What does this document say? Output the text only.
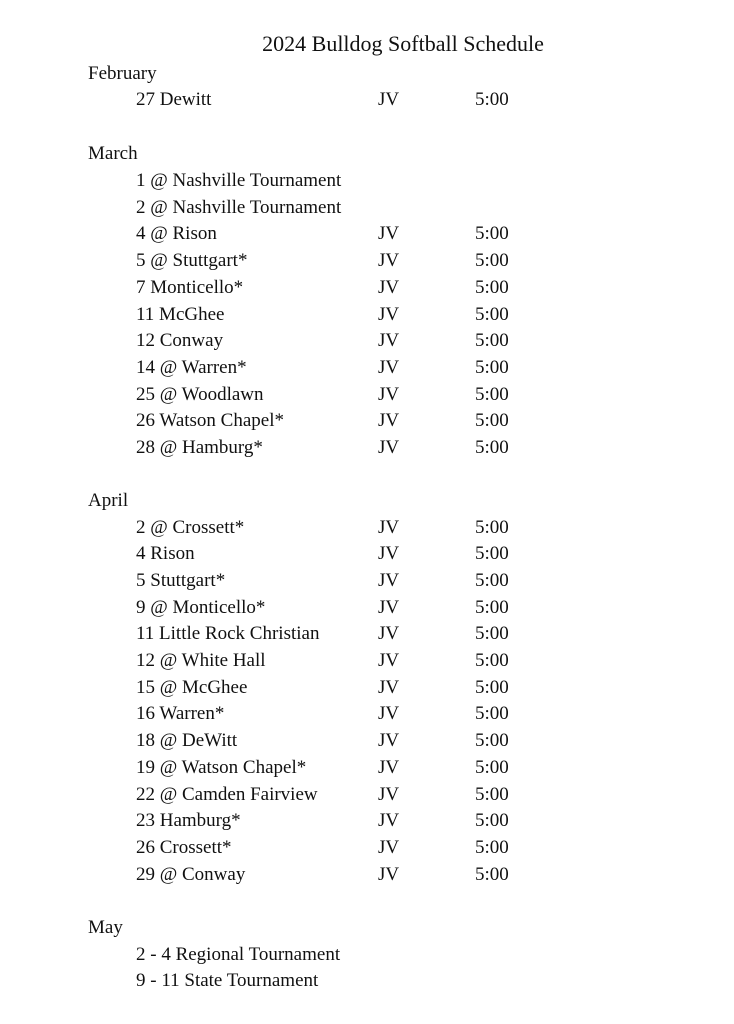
2024 Bulldog Softball Schedule
February
27 Dewitt	JV	5:00
March
1 @ Nashville Tournament
2 @ Nashville Tournament
4 @ Rison	JV	5:00
5 @ Stuttgart*	JV	5:00
7 Monticello*	JV	5:00
11 McGhee	JV	5:00
12 Conway	JV	5:00
14 @ Warren*	JV	5:00
25 @ Woodlawn	JV	5:00
26 Watson Chapel*	JV	5:00
28 @ Hamburg*	JV	5:00
April
2 @ Crossett*	JV	5:00
4 Rison	JV	5:00
5 Stuttgart*	JV	5:00
9 @ Monticello*	JV	5:00
11 Little Rock Christian	JV	5:00
12 @ White Hall	JV	5:00
15 @ McGhee	JV	5:00
16 Warren*	JV	5:00
18 @ DeWitt	JV	5:00
19 @ Watson Chapel*	JV	5:00
22 @ Camden Fairview	JV	5:00
23 Hamburg*	JV	5:00
26 Crossett*	JV	5:00
29 @ Conway	JV	5:00
May
2 - 4 Regional Tournament
9 - 11 State Tournament
